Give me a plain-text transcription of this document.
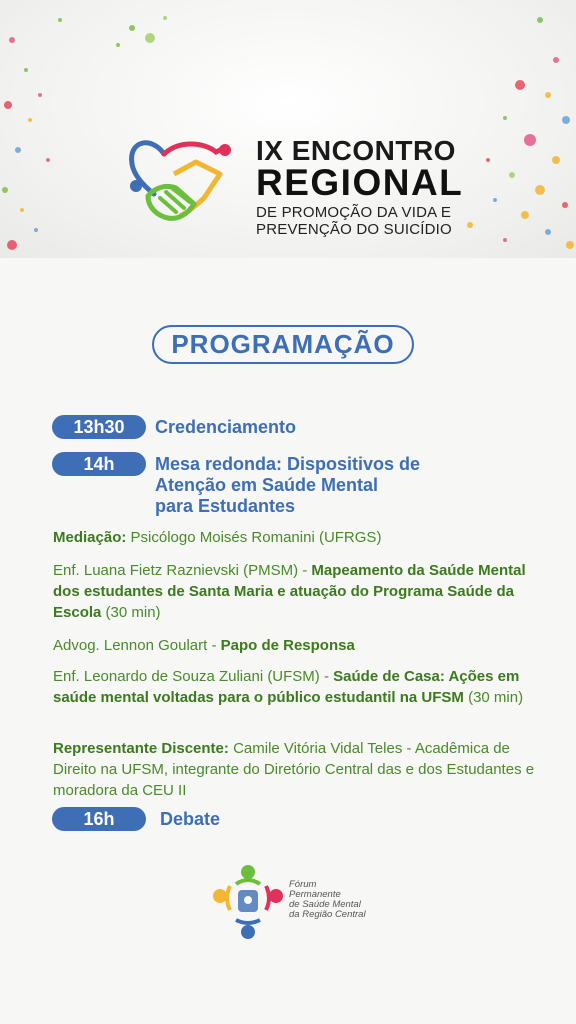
IX ENCONTRO
REGIONAL
DE PROMOÇÃO DA VIDA E
PREVENÇÃO DO SUICÍDIO
PROGRAMAÇÃO
13h30	Credenciamento
14h	Mesa redonda: Dispositivos de
Atenção em Saúde Mental
para Estudantes
Mediação: Psicólogo Moisés Romanini (UFRGS)
Enf. Luana Fietz Raznievski (PMSM) - Mapeamento da Saúde Mental dos estudantes de Santa Maria e atuação do Programa Saúde da Escola (30 min)
Advog. Lennon Goulart - Papo de Responsa
Enf. Leonardo de Souza Zuliani (UFSM) - Saúde de Casa: Ações em saúde mental voltadas para o público estudantil na UFSM (30 min)
Representante Discente: Camile Vitória Vidal Teles - Acadêmica de Direito na UFSM, integrante do Diretório Central das e dos Estudantes e moradora da CEU II
16h	Debate
Fórum
Permanente
de Saúde Mental
da Região Central
